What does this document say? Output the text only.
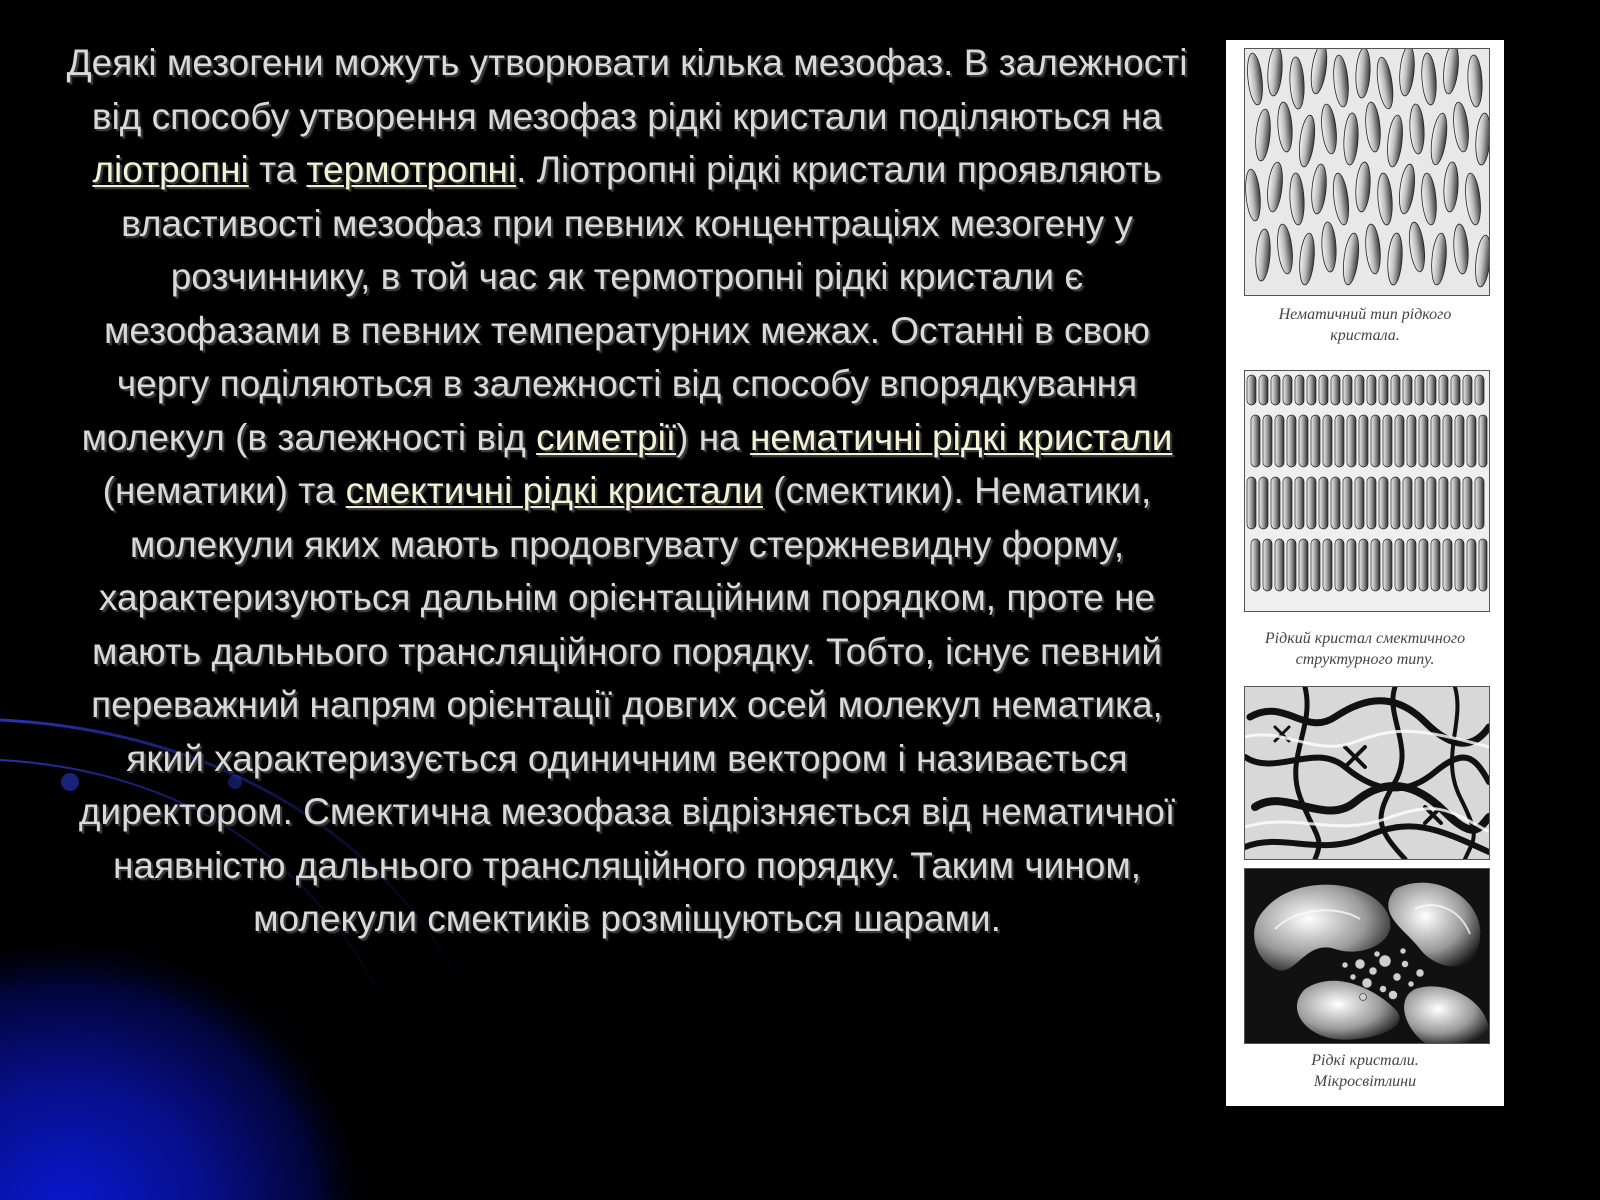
Деякі мезогени можуть утворювати кілька мезофаз. В залежності від способу утворення мезофаз рідкі кристали поділяються на ліотропні та термотропні. Ліотропні рідкі кристали проявляють властивості мезофаз при певних концентраціях мезогену у розчиннику, в той час як термотропні рідкі кристали є мезофазами в певних температурних межах. Останні в свою чергу поділяються в залежності від способу впорядкування молекул (в залежності від симетрії) на нематичні рідкі кристали (нематики) та смектичні рідкі кристали (смектики). Нематики, молекули яких мають продовгувату стержневидну форму, характеризуються дальнім орієнтаційним порядком, проте не мають дальнього трансляційного порядку. Тобто, існує певний переважний напрям орієнтації довгих осей молекул нематика, який характеризується одиничним вектором і називається директором. Смектична мезофаза відрізняється від нематичної наявністю дальнього трансляційного порядку. Таким чином, молекули смектиків розміщуються шарами.
Нематичний тип рідкого
кристала.
Рідкий кристал смектичного
структурного типу.
Рідкі кристали.
Мікросвітлини
